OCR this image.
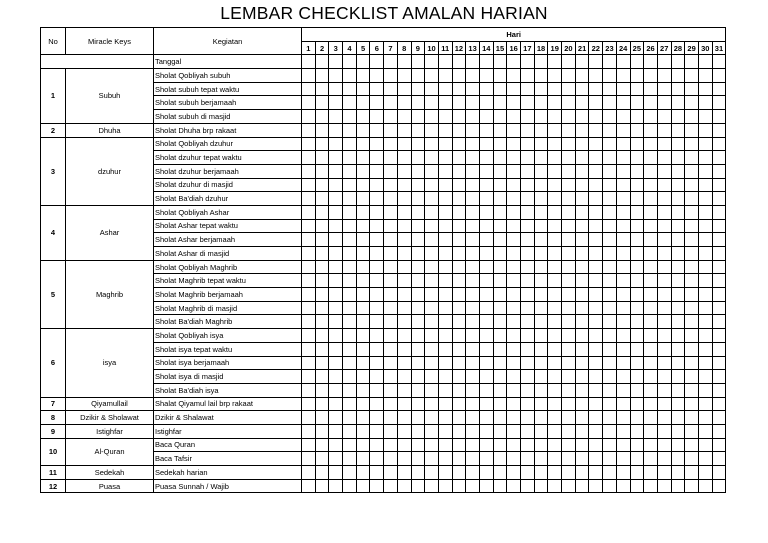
LEMBAR CHECKLIST AMALAN HARIAN
No	Miracle Keys	Kegiatan	Hari																														
			1	2	3	4	5	6	7	8	9	10	11	12	13	14	15	16	17	18	19	20	21	22	23	24	25	26	27	28	29	30	31
		Tanggal																															
1	Subuh	Sholat Qobliyah subuh																															
		Sholat subuh tepat waktu																															
		Sholat subuh berjamaah																															
		Sholat subuh di masjid																															
2	Dhuha	Sholat Dhuha brp rakaat																															
3	dzuhur	Sholat Qobliyah dzuhur																															
		Sholat dzuhur tepat waktu																															
		Sholat dzuhur berjamaah																															
		Sholat dzuhur di masjid																															
		Sholat Ba'diah dzuhur																															
4	Ashar	Sholat Qobliyah Ashar																															
		Sholat Ashar tepat waktu																															
		Sholat Ashar berjamaah																															
		Sholat Ashar di masjid																															
5	Maghrib	Sholat Qobliyah Maghrib																															
		Sholat Maghrib tepat waktu																															
		Sholat Maghrib berjamaah																															
		Sholat Maghrib di masjid																															
		Sholat Ba'diah Maghrib																															
6	isya	Sholat Qobliyah isya																															
		Sholat isya tepat waktu																															
		Sholat isya berjamaah																															
		Sholat isya di masjid																															
		Sholat Ba'diah isya																															
7	Qiyamullail	Shalat Qiyamul lail brp rakaat																															
8	Dzikir & Sholawat	Dzikir & Shalawat																															
9	Istighfar	Istighfar																															
10	Al-Quran	Baca Quran																															
		Baca Tafsir																															
11	Sedekah	Sedekah harian																															
12	Puasa	Puasa Sunnah / Wajib																															
